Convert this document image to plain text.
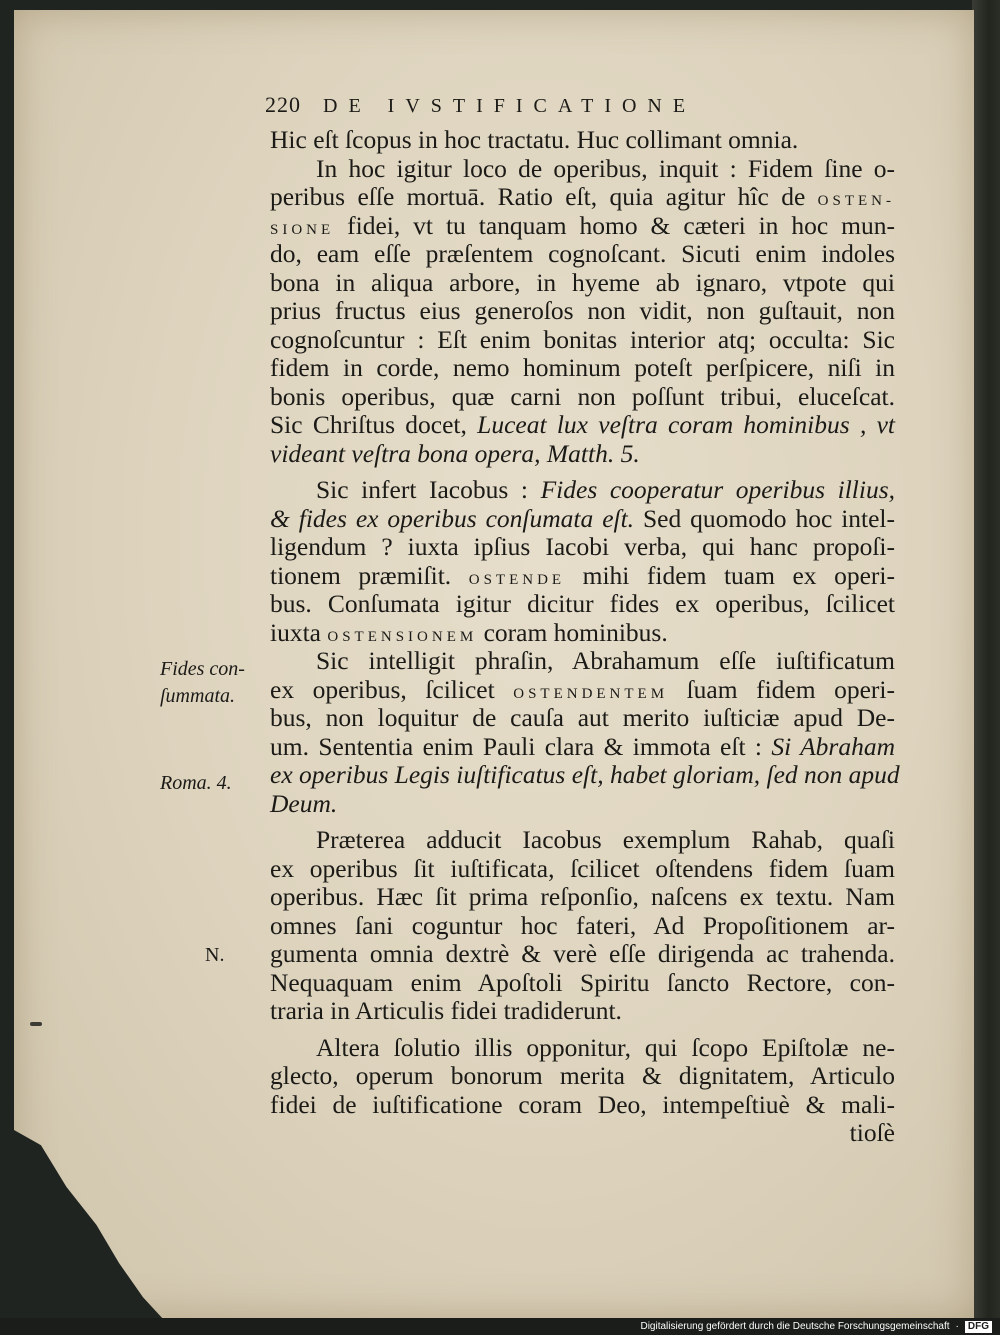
220 DE IVSTIFICATIONE
Hic eſt ſcopus in hoc tractatu. Huc collimant omnia.
In hoc igitur loco de operibus, inquit : Fidem ſine o-
peribus eſſe mortuā. Ratio eſt, quia agitur hîc de OSTEN-
SIONE fidei, vt tu tanquam homo & cæteri in hoc mun-
do, eam eſſe præſentem cognoſcant. Sicuti enim indoles
bona in aliqua arbore, in hyeme ab ignaro, vtpote qui
prius fructus eius generoſos non vidit, non guſtauit, non
cognoſcuntur : Eſt enim bonitas interior atq; occulta: Sic
fidem in corde, nemo hominum poteſt perſpicere, niſi in
bonis operibus, quæ carni non poſſunt tribui, eluceſcat.
Sic Chriſtus docet, Luceat lux veſtra coram hominibus , vt
videant veſtra bona opera, Matth. 5.
Sic infert Iacobus : Fides cooperatur operibus illius,
& fides ex operibus conſumata eſt. Sed quomodo hoc intel-
ligendum ? iuxta ipſius Iacobi verba, qui hanc propoſi-
tionem præmiſit. OSTENDE mihi fidem tuam ex operi-
bus. Conſumata igitur dicitur fides ex operibus, ſcilicet
iuxta OSTENSIONEM coram hominibus.
Sic intelligit phraſin, Abrahamum eſſe iuſtificatum
ex operibus, ſcilicet OSTENDENTEM ſuam fidem operi-
bus, non loquitur de cauſa aut merito iuſticiæ apud De-
um. Sententia enim Pauli clara & immota eſt : Si Abraham
ex operibus Legis iuſtificatus eſt, habet gloriam, ſed non apud
Deum.
Præterea adducit Iacobus exemplum Rahab, quaſi
ex operibus ſit iuſtificata, ſcilicet oſtendens fidem ſuam
operibus. Hæc ſit prima reſponſio, naſcens ex textu. Nam
omnes ſani coguntur hoc fateri, Ad Propoſitionem ar-
gumenta omnia dextrè & verè eſſe dirigenda ac trahenda.
Nequaquam enim Apoſtoli Spiritu ſancto Rectore, con-
traria in Articulis fidei tradiderunt.
Altera ſolutio illis opponitur, qui ſcopo Epiſtolæ ne-
glecto, operum bonorum merita & dignitatem, Articulo
fidei de iuſtificatione coram Deo, intempeſtiuè & mali-
tioſè
Fides con-
ſummata.
Roma. 4.
N.
Digitalisierung gefördert durch die Deutsche Forschungsgemeinschaft · DFG
